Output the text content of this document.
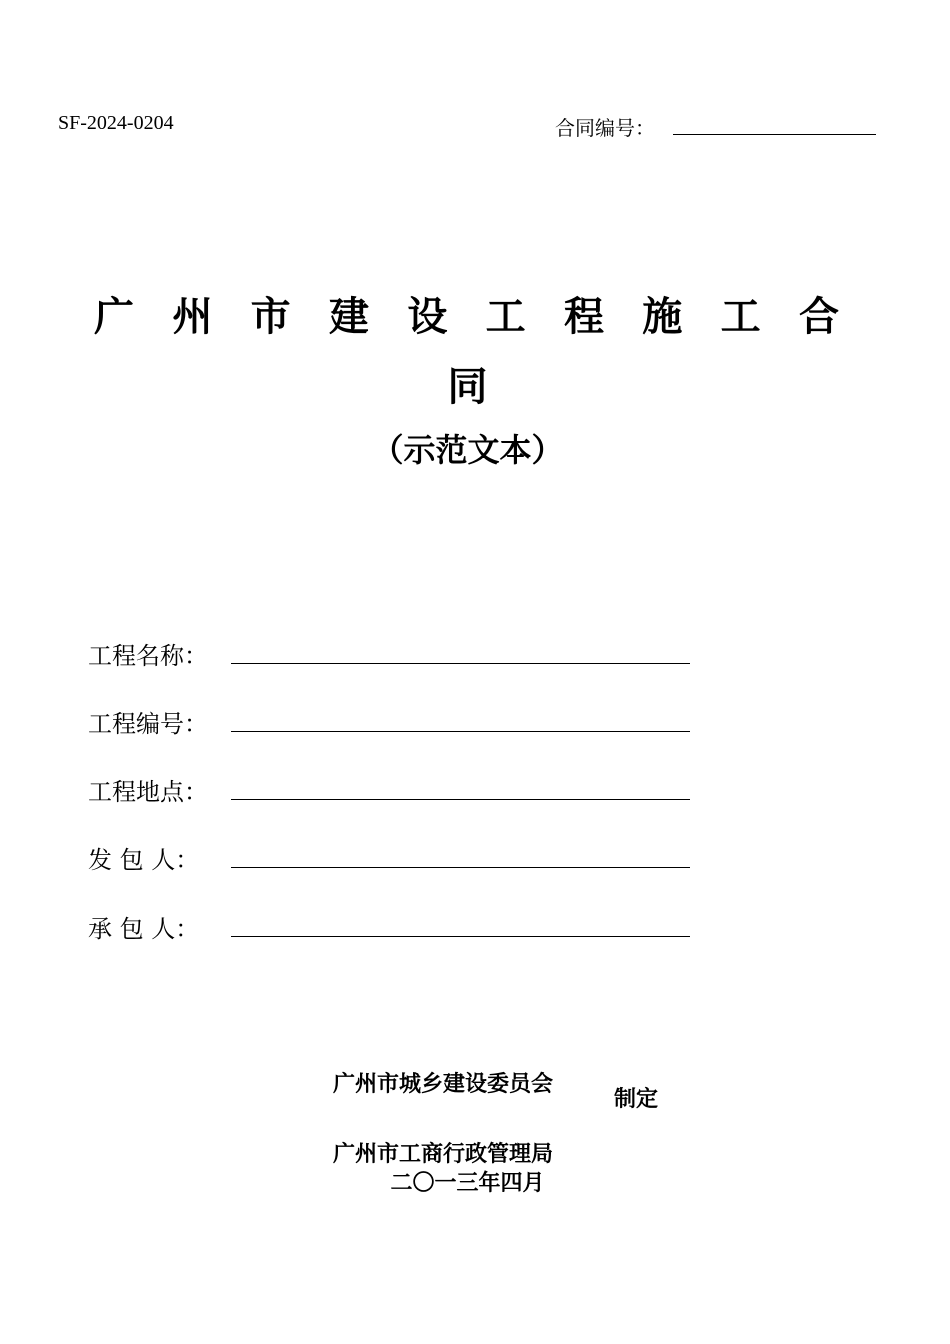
SF-2024-0204	合同编号：
广 州 市 建 设 工 程 施 工 合
同
（示范文本）
工程名称：
工程编号：
工程地点：
发 包 人：
承 包 人：
广州市城乡建设委员会
广州市工商行政管理局
制定
二〇一三年四月
